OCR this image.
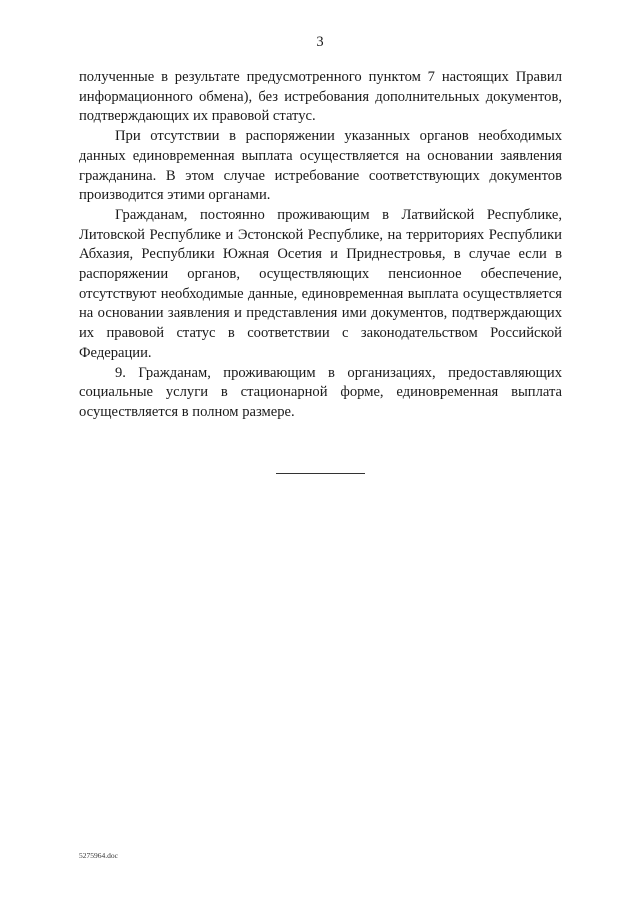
3

полученные в результате предусмотренного пунктом 7 настоящих Правил информационного обмена), без истребования дополнительных документов, подтверждающих их правовой статус.

При отсутствии в распоряжении указанных органов необходимых данных единовременная выплата осуществляется на основании заявления гражданина. В этом случае истребование соответствующих документов производится этими органами.

Гражданам, постоянно проживающим в Латвийской Республике, Литовской Республике и Эстонской Республике, на территориях Республики Абхазия, Республики Южная Осетия и Приднестровья, в случае если в распоряжении органов, осуществляющих пенсионное обеспечение, отсутствуют необходимые данные, единовременная выплата осуществляется на основании заявления и представления ими документов, подтверждающих их правовой статус в соответствии с законодательством Российской Федерации.

9. Гражданам, проживающим в организациях, предоставляющих социальные услуги в стационарной форме, единовременная выплата осуществляется в полном размере.

5275964.doc
